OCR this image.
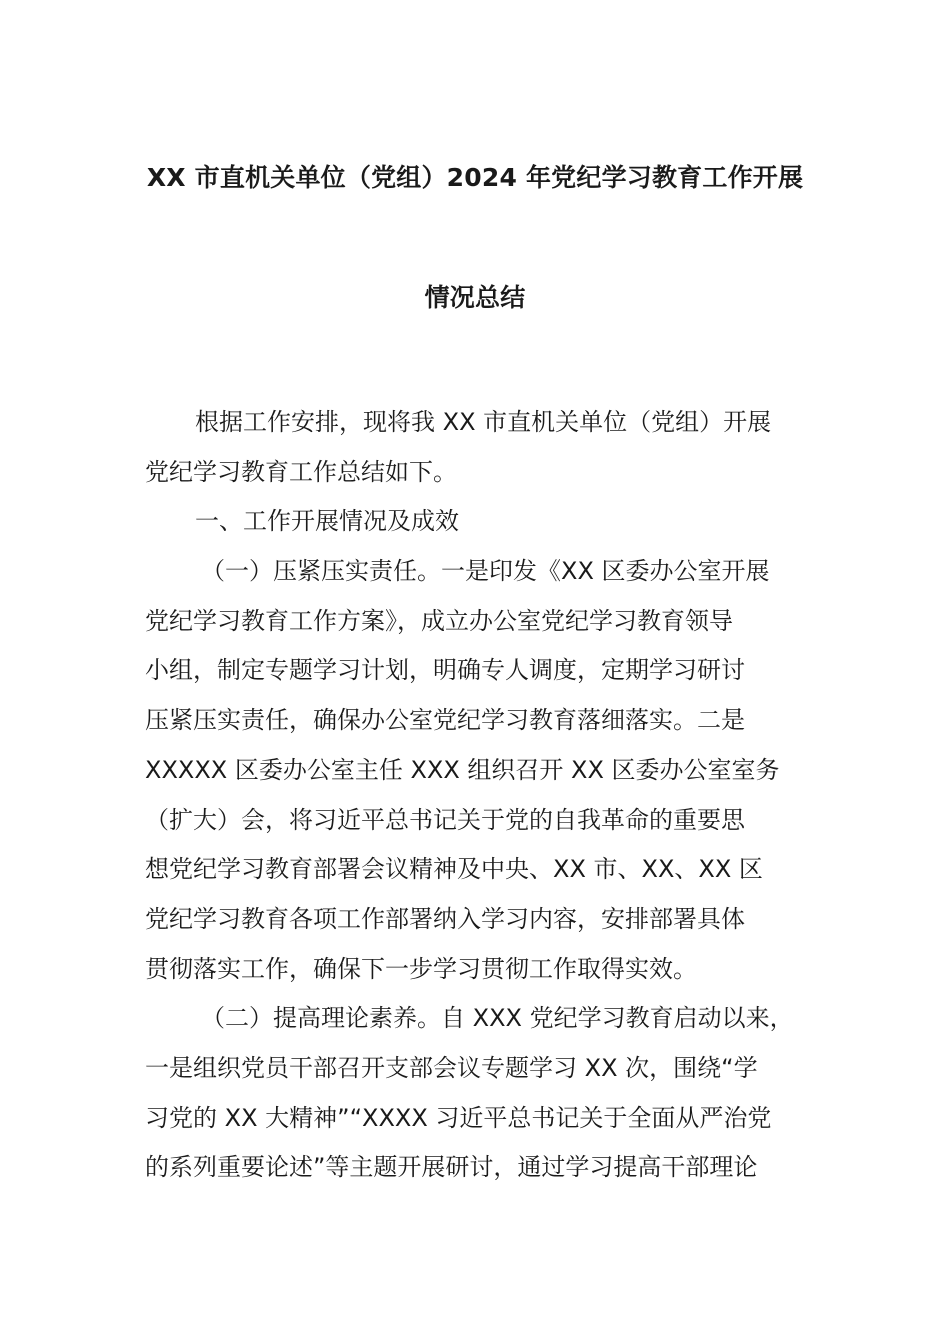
XX 市直机关单位（党组）2024 年党纪学习教育工作开展
情况总结
根据工作安排，现将我 XX 市直机关单位（党组）开展
党纪学习教育工作总结如下。
一、工作开展情况及成效
（一）压紧压实责任。一是印发《XX 区委办公室开展
党纪学习教育工作方案》，成立办公室党纪学习教育领导
小组，制定专题学习计划，明确专人调度，定期学习研讨
压紧压实责任，确保办公室党纪学习教育落细落实。二是
XXXXX 区委办公室主任 XXX 组织召开 XX 区委办公室室务
（扩大）会，将习近平总书记关于党的自我革命的重要思
想党纪学习教育部署会议精神及中央、XX 市、XX、XX 区
党纪学习教育各项工作部署纳入学习内容，安排部署具体
贯彻落实工作，确保下一步学习贯彻工作取得实效。
（二）提高理论素养。自 XXX 党纪学习教育启动以来，
一是组织党员干部召开支部会议专题学习 XX 次，围绕“学
习党的 XX 大精神”“XXXX 习近平总书记关于全面从严治党
的系列重要论述”等主题开展研讨，通过学习提高干部理论
